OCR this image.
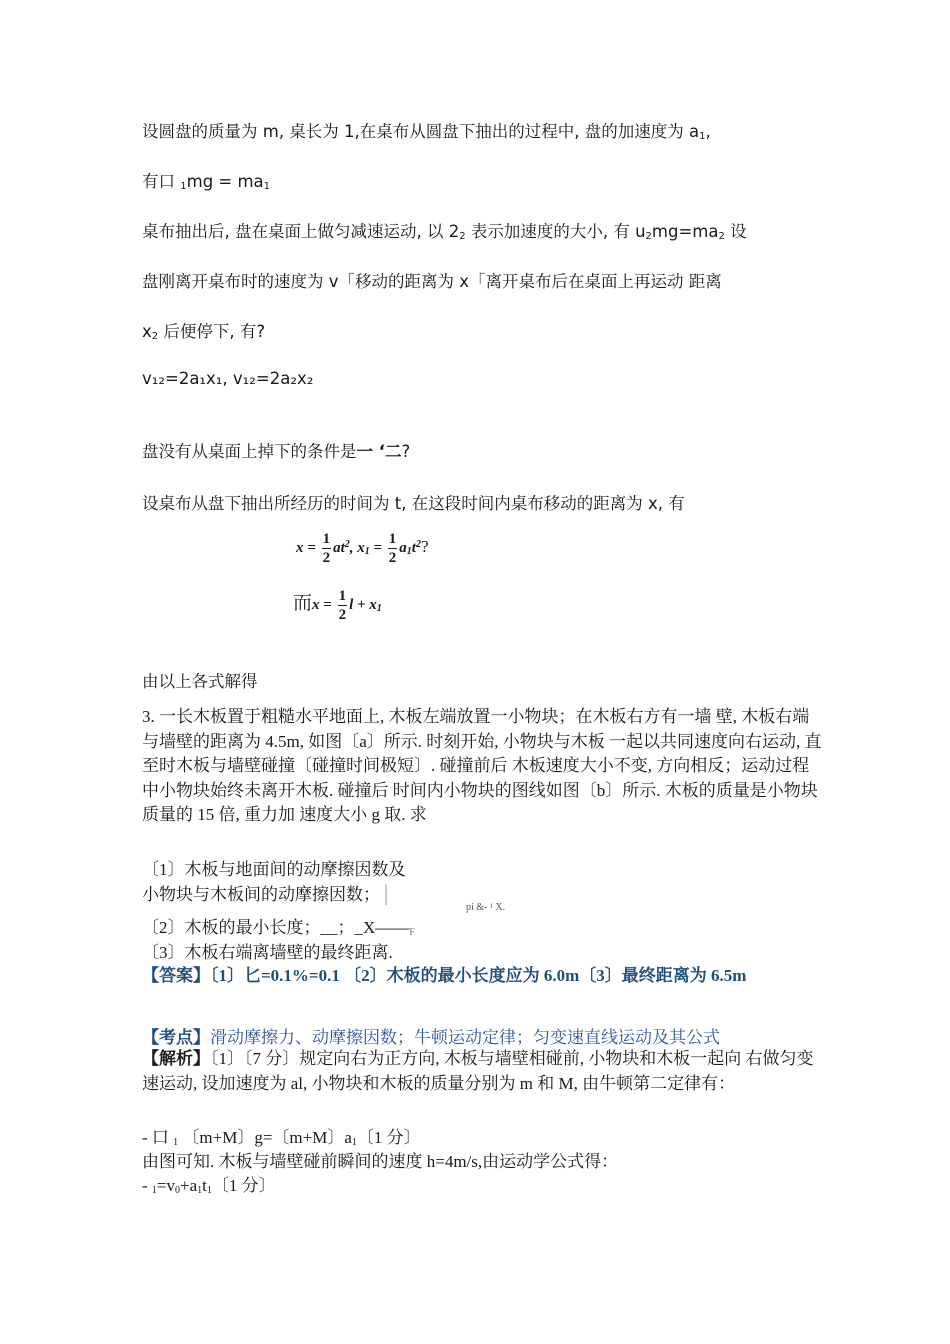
设圆盘的质量为 m, 桌长为 1,在桌布从圆盘下抽出的过程中, 盘的加速度为 $a_1$,
有口 $_1mg = ma_1$
桌布抽出后, 盘在桌面上做匀减速运动, 以 $2_2$ 表示加速度的大小, 有 $u_2mg=ma_2$ 设
盘刚离开桌布时的速度为 v「移动的距离为 x「离开桌布后在桌面上再运动 距离
$x_2$ 后便停下, 有?
v₁₂=2a₁x₁, v₁₂=2a₂x₂
盘没有从桌面上掉下的条件是一 ‘二?
设桌布从盘下抽出所经历的时间为 t, 在这段时间内桌布移动的距离为 x, 有
$x = \frac{1}{2} at^2$, $x_1 = \frac{1}{2} a_1t^2$?
而$x = \frac{1}{2}$ $l + x_1$
由以上各式解得
3. 一长木板置于粗糙水平地面上, 木板左端放置一小物块；在木板右方有一墙 壁, 木板右端与墙壁的距离为 4.5m, 如图〔a〕所示. 时刻开始, 小物块与木板 一起以共同速度向右运动, 直至时木板与墙壁碰撞〔碰撞时间极短〕. 碰撞前后 木板速度大小不变, 方向相反；运动过程中小物块始终未离开木板. 碰撞后 时间内小物块的图线如图〔b〕所示. 木板的质量是小物块质量的 15 倍, 重力加 速度大小 g 取. 求
〔1〕木板与地面间的动摩擦因数及
小物块与木板间的动摩擦因数；│
pi &- ¹ X.
〔2〕木板的最小长度；__；$\_X——_F$
〔3〕木板右端离墙壁的最终距离.
【答案】〔1〕匕=0.1%=0.1 〔2〕木板的最小长度应为 6.0m〔3〕最终距离为 6.5m
【考点】滑动摩擦力、动摩擦因数；牛顿运动定律；匀变速直线运动及其公式
【解析】〔1〕〔7 分〕规定向右为正方向, 木板与墙壁相碰前, 小物块和木板一起向 右做匀变速运动, 设加速度为 al, 小物块和木板的质量分别为 m 和 M, 由牛顿第二定律有：
- 口 $_1$ 〔m+M〕g=〔m+M〕$a_1$〔1 分〕
由图可知. 木板与墙壁碰前瞬间的速度 h=4m/s,由运动学公式得：
- $_1=v_0+a_1t_1$〔1 分〕
